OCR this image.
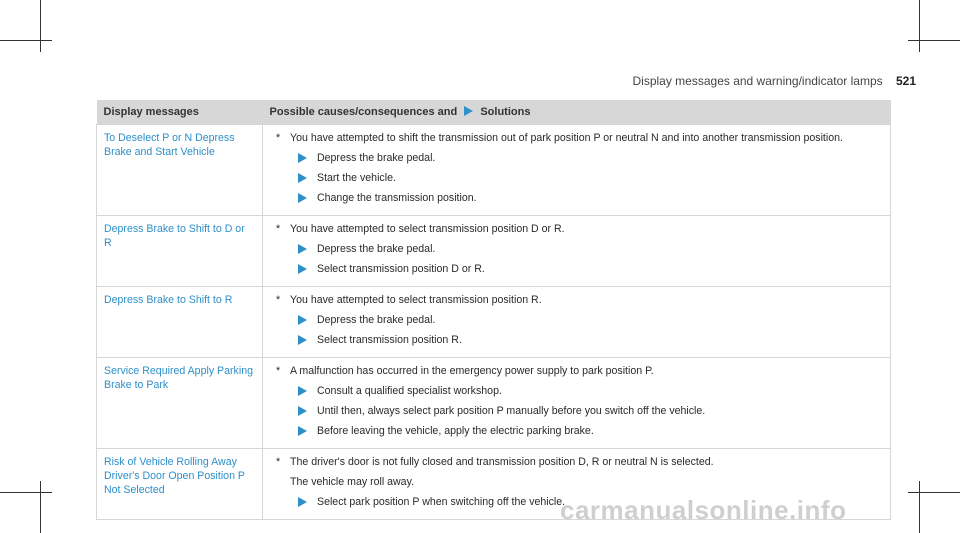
Display messages and warning/indicator lamps 521
Display messages	Possible causes/consequences and Solutions
To Deselect P or N Depress Brake and Start Vehicle	* You have attempted to shift the transmission out of park position P or neutral N and into another transmission position.
Depress the brake pedal.
Start the vehicle.
Change the transmission position.

Depress Brake to Shift to D or R	* You have attempted to select transmission position D or R.
Depress the brake pedal.
Select transmission position D or R.

Depress Brake to Shift to R	* You have attempted to select transmission position R.
Depress the brake pedal.
Select transmission position R.

Service Required Apply Parking Brake to Park	* A malfunction has occurred in the emergency power supply to park position P.
Consult a qualified specialist workshop.
Until then, always select park position P manually before you switch off the vehicle.
Before leaving the vehicle, apply the electric parking brake.

Risk of Vehicle Rolling Away Driver's Door Open Position P Not Selected	* The driver's door is not fully closed and transmission position D, R or neutral N is selected.
The vehicle may roll away.
Select park position P when switching off the vehicle.
carmanualsonline.info
